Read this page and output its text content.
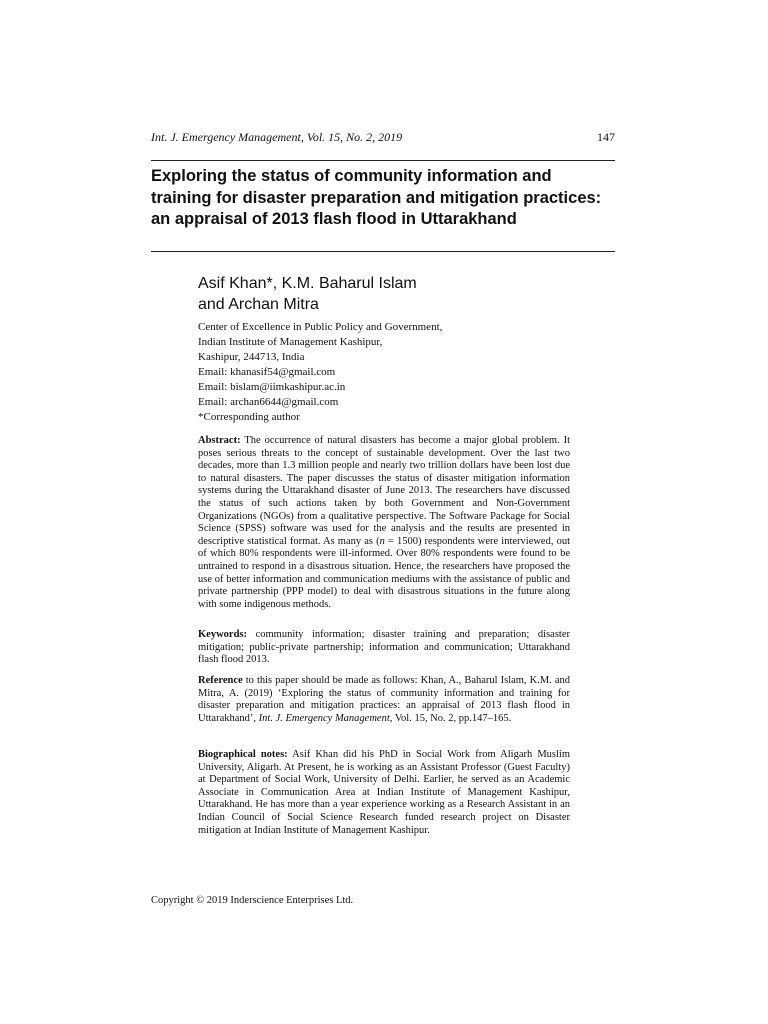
Int. J. Emergency Management, Vol. 15, No. 2, 2019	147
Exploring the status of community information and training for disaster preparation and mitigation practices: an appraisal of 2013 flash flood in Uttarakhand
Asif Khan*, K.M. Baharul Islam
and Archan Mitra
Center of Excellence in Public Policy and Government,
Indian Institute of Management Kashipur,
Kashipur, 244713, India
Email: khanasif54@gmail.com
Email: bislam@iimkashipur.ac.in
Email: archan6644@gmail.com
*Corresponding author

Abstract: The occurrence of natural disasters has become a major global problem. It poses serious threats to the concept of sustainable development. Over the last two decades, more than 1.3 million people and nearly two trillion dollars have been lost due to natural disasters. The paper discusses the status of disaster mitigation information systems during the Uttarakhand disaster of June 2013. The researchers have discussed the status of such actions taken by both Government and Non-Government Organizations (NGOs) from a qualitative perspective. The Software Package for Social Science (SPSS) software was used for the analysis and the results are presented in descriptive statistical format. As many as (n = 1500) respondents were interviewed, out of which 80% respondents were ill-informed. Over 80% respondents were found to be untrained to respond in a disastrous situation. Hence, the researchers have proposed the use of better information and communication mediums with the assistance of public and private partnership (PPP model) to deal with disastrous situations in the future along with some indigenous methods.

Keywords: community information; disaster training and preparation; disaster mitigation; public-private partnership; information and communication; Uttarakhand flash flood 2013.

Reference to this paper should be made as follows: Khan, A., Baharul Islam, K.M. and Mitra, A. (2019) ‘Exploring the status of community information and training for disaster preparation and mitigation practices: an appraisal of 2013 flash flood in Uttarakhand’, Int. J. Emergency Management, Vol. 15, No. 2, pp.147–165.

Biographical notes: Asif Khan did his PhD in Social Work from Aligarh Muslim University, Aligarh. At Present, he is working as an Assistant Professor (Guest Faculty) at Department of Social Work, University of Delhi. Earlier, he served as an Academic Associate in Communication Area at Indian Institute of Management Kashipur, Uttarakhand. He has more than a year experience working as a Research Assistant in an Indian Council of Social Science Research funded research project on Disaster mitigation at Indian Institute of Management Kashipur.

Copyright © 2019 Inderscience Enterprises Ltd.
